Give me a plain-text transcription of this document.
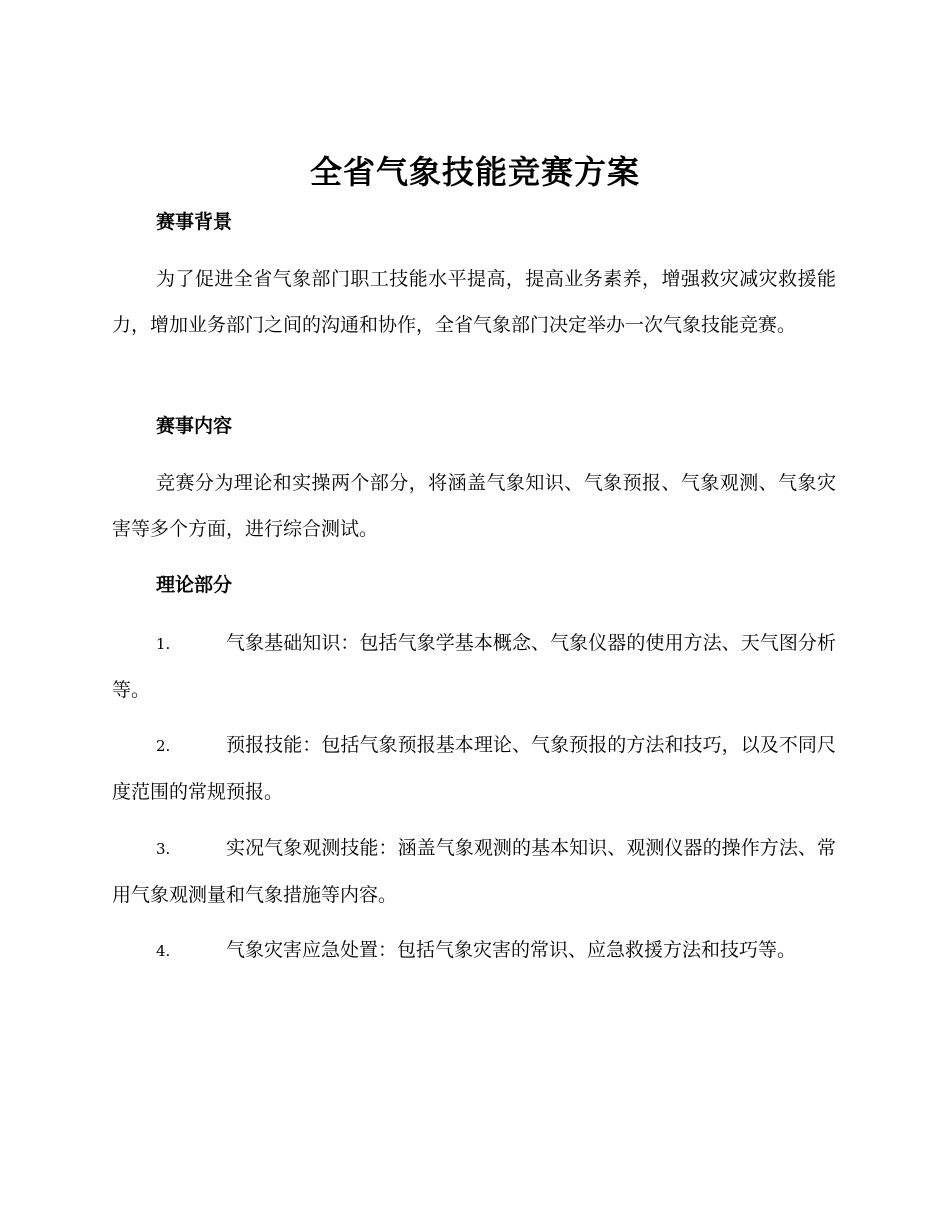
全省气象技能竞赛方案
赛事背景

为了促进全省气象部门职工技能水平提高，提高业务素养，增强救灾减灾救援能力，增加业务部门之间的沟通和协作，全省气象部门决定举办一次气象技能竞赛。

赛事内容

竞赛分为理论和实操两个部分，将涵盖气象知识、气象预报、气象观测、气象灾害等多个方面，进行综合测试。

理论部分

1.	气象基础知识：包括气象学基本概念、气象仪器的使用方法、天气图分析等。

2.	预报技能：包括气象预报基本理论、气象预报的方法和技巧，以及不同尺度范围的常规预报。

3.	实况气象观测技能：涵盖气象观测的基本知识、观测仪器的操作方法、常用气象观测量和气象措施等内容。

4.	气象灾害应急处置：包括气象灾害的常识、应急救援方法和技巧等。
